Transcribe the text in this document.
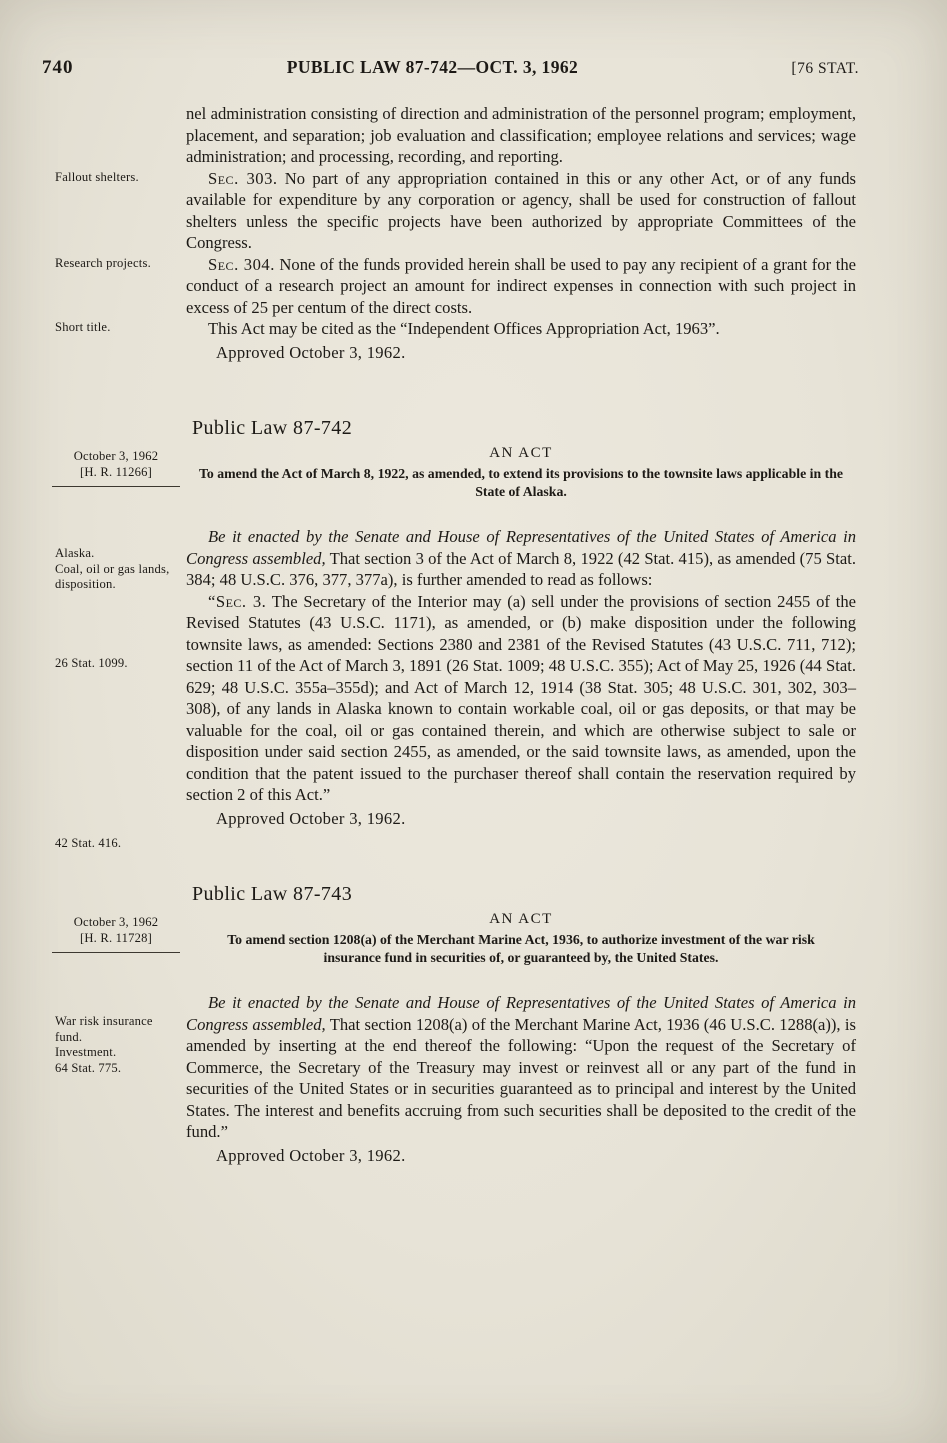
740	PUBLIC LAW 87-742—OCT. 3, 1962	[76 STAT.

nel administration consisting of direction and administration of the personnel program; employment, placement, and separation; job evaluation and classification; employee relations and services; wage administration; and processing, recording, and reporting.

Fallout shelters.	Sec. 303. No part of any appropriation contained in this or any other Act, or of any funds available for expenditure by any corporation or agency, shall be used for construction of fallout shelters unless the specific projects have been authorized by appropriate Committees of the Congress.

Research projects.	Sec. 304. None of the funds provided herein shall be used to pay any recipient of a grant for the conduct of a research project an amount for indirect expenses in connection with such project in excess of 25 per centum of the direct costs.

Short title.	This Act may be cited as the “Independent Offices Appropriation Act, 1963”.

Approved October 3, 1962.

Public Law 87-742
October 3, 1962
[H. R. 11266]
AN ACT
To amend the Act of March 8, 1922, as amended, to extend its provisions to the townsite laws applicable in the State of Alaska.
Alaska.
Coal, oil or gas lands, disposition.

Be it enacted by the Senate and House of Representatives of the United States of America in Congress assembled, That section 3 of the Act of March 8, 1922 (42 Stat. 415), as amended (75 Stat. 384; 48 U.S.C. 376, 377, 377a), is further amended to read as follows:

26 Stat. 1099.
42 Stat. 416.

“Sec. 3. The Secretary of the Interior may (a) sell under the provisions of section 2455 of the Revised Statutes (43 U.S.C. 1171), as amended, or (b) make disposition under the following townsite laws, as amended: Sections 2380 and 2381 of the Revised Statutes (43 U.S.C. 711, 712); section 11 of the Act of March 3, 1891 (26 Stat. 1009; 48 U.S.C. 355); Act of May 25, 1926 (44 Stat. 629; 48 U.S.C. 355a–355d); and Act of March 12, 1914 (38 Stat. 305; 48 U.S.C. 301, 302, 303–308), of any lands in Alaska known to contain workable coal, oil or gas deposits, or that may be valuable for the coal, oil or gas contained therein, and which are otherwise subject to sale or disposition under said section 2455, as amended, or the said townsite laws, as amended, upon the condition that the patent issued to the purchaser thereof shall contain the reservation required by section 2 of this Act.”

Approved October 3, 1962.

Public Law 87-743
October 3, 1962
[H. R. 11728]
AN ACT
To amend section 1208(a) of the Merchant Marine Act, 1936, to authorize investment of the war risk insurance fund in securities of, or guaranteed by, the United States.
War risk insurance fund.
Investment.
64 Stat. 775.

Be it enacted by the Senate and House of Representatives of the United States of America in Congress assembled, That section 1208(a) of the Merchant Marine Act, 1936 (46 U.S.C. 1288(a)), is amended by inserting at the end thereof the following: “Upon the request of the Secretary of Commerce, the Secretary of the Treasury may invest or reinvest all or any part of the fund in securities of the United States or in securities guaranteed as to principal and interest by the United States. The interest and benefits accruing from such securities shall be deposited to the credit of the fund.”

Approved October 3, 1962.
